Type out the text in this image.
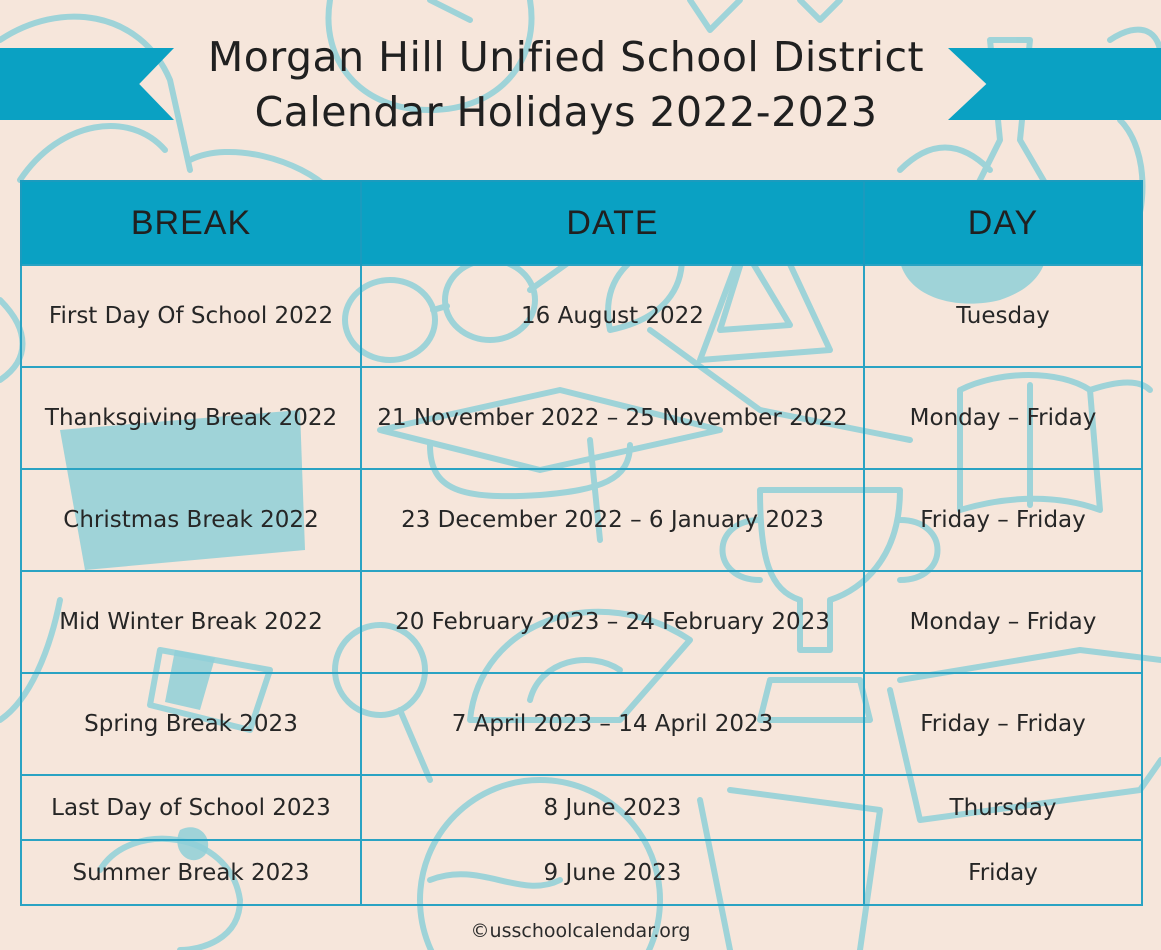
Morgan Hill Unified School District
Calendar Holidays 2022-2023
BREAK	DATE	DAY
First Day Of School 2022	16 August 2022	Tuesday
Thanksgiving Break 2022	21 November 2022 – 25 November 2022	Monday – Friday
Christmas Break 2022	23 December 2022 – 6 January 2023	Friday – Friday
Mid Winter Break 2022	20 February 2023 – 24 February 2023	Monday – Friday
Spring Break 2023	7 April 2023 – 14 April 2023	Friday – Friday
Last Day of School 2023	8 June 2023	Thursday
Summer Break 2023	9 June 2023	Friday
©usschoolcalendar.org
